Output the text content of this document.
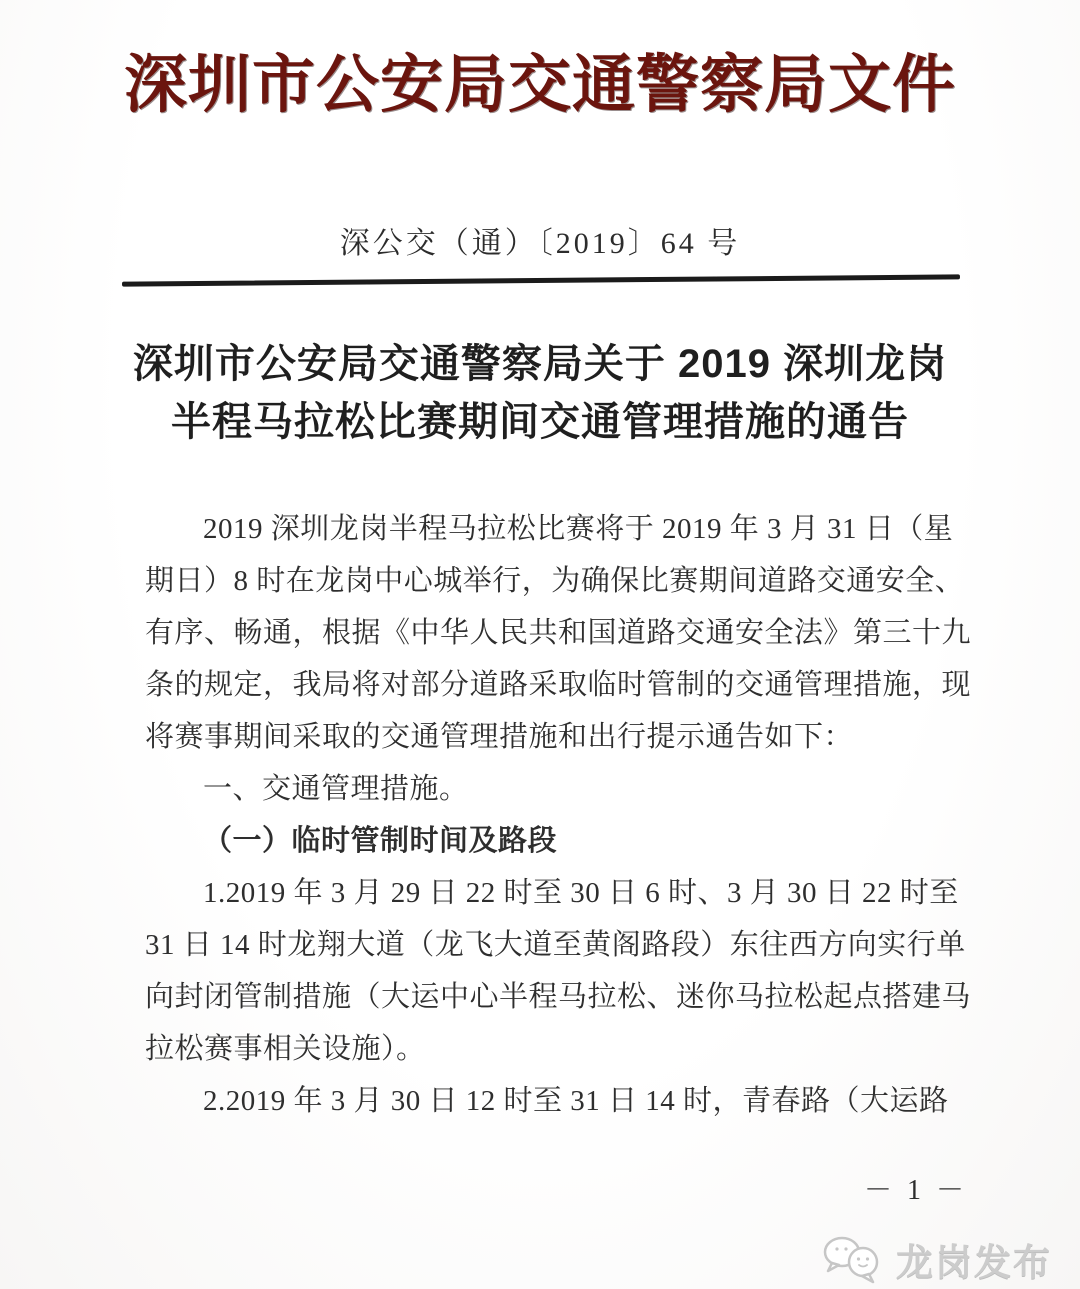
深圳市公安局交通警察局文件
深公交（通）〔2019〕64 号
深圳市公安局交通警察局关于 2019 深圳龙岗
半程马拉松比赛期间交通管理措施的通告
2019 深圳龙岗半程马拉松比赛将于 2019 年 3 月 31 日（星
期日）8 时在龙岗中心城举行，为确保比赛期间道路交通安全、
有序、畅通，根据《中华人民共和国道路交通安全法》第三十九
条的规定，我局将对部分道路采取临时管制的交通管理措施，现
将赛事期间采取的交通管理措施和出行提示通告如下：
一、交通管理措施。
（一）临时管制时间及路段
1.2019 年 3 月 29 日 22 时至 30 日 6 时、3 月 30 日 22 时至
31 日 14 时龙翔大道（龙飞大道至黄阁路段）东往西方向实行单
向封闭管制措施（大运中心半程马拉松、迷你马拉松起点搭建马
拉松赛事相关设施）。
2.2019 年 3 月 30 日 12 时至 31 日 14 时，青春路（大运路
－ 1 －
龙岗发布
